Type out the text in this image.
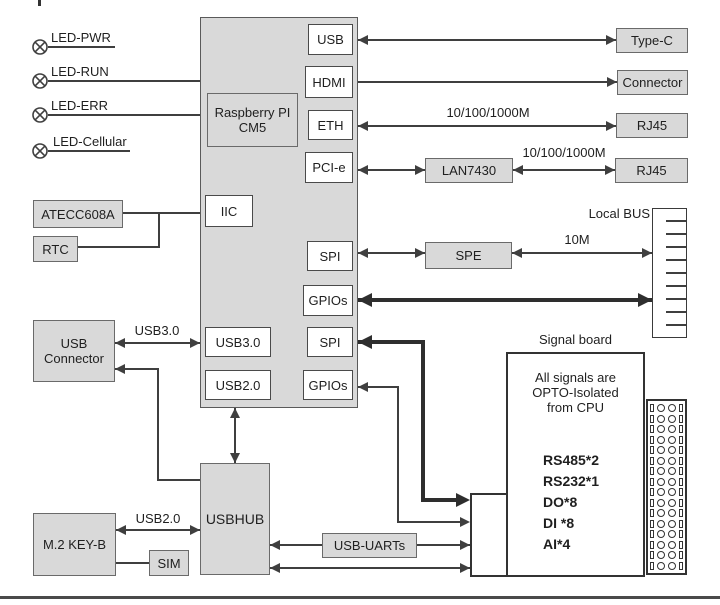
LED-PWR
LED-RUN
LED-ERR
LED-Cellular
ATECC608A
RTC
Raspberry PI
CM5
USB
HDMI
ETH
PCI-e
IIC
SPI
GPIOs
USB3.0	SPI
USB2.0	GPIOs
Type-C
Connector
RJ45
LAN7430	RJ45
SPE
10/100/1000M
10/100/1000M
Local BUS
10M
Signal board
All signals are
OPTO-Isolated
from CPU
RS485*2
RS232*1
DO*8
DI *8
AI*4
USB
Connector
USB3.0
USBHUB
M.2 KEY-B
SIM
USB2.0
USB-UARTs
